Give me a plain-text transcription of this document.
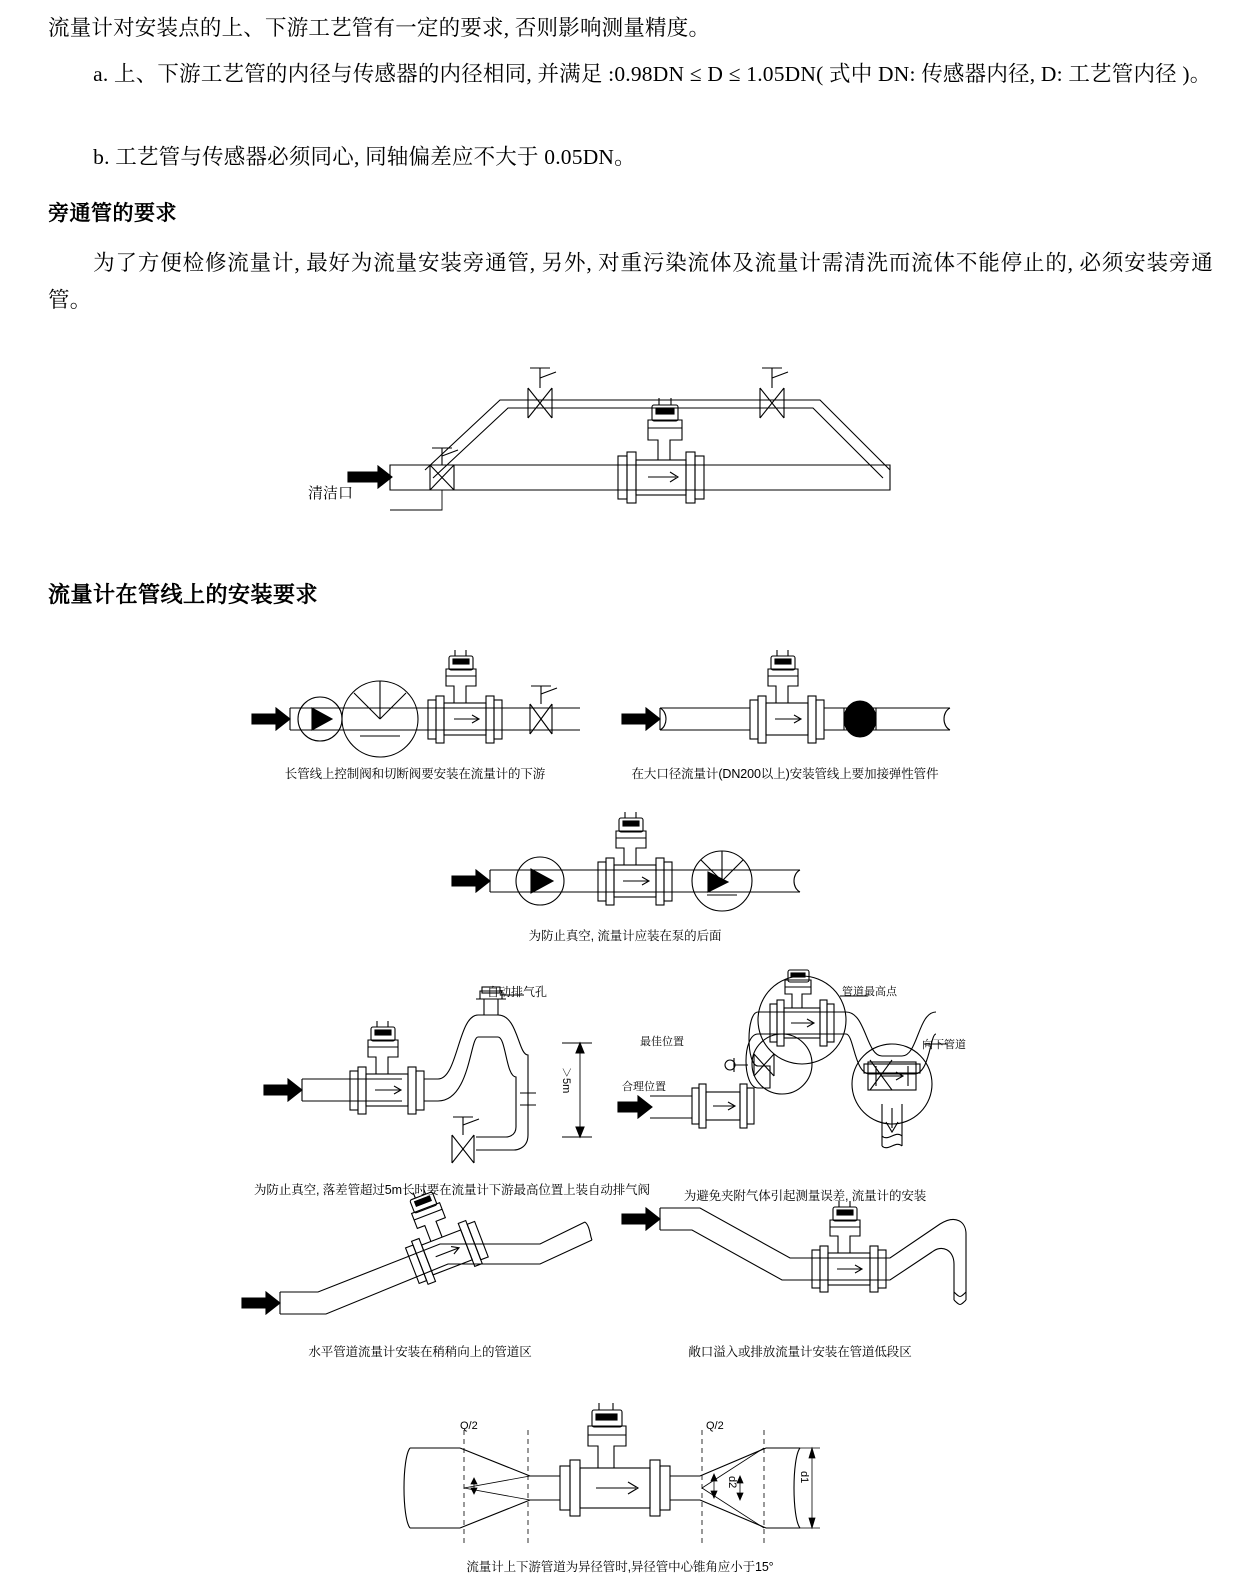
流量计对安装点的上、下游工艺管有一定的要求, 否则影响测量精度。
a. 上、下游工艺管的内径与传感器的内径相同, 并满足 :0.98DN ≤ D ≤ 1.05DN( 式中 DN: 传感器内径, D: 工艺管内径 )。
b. 工艺管与传感器必须同心, 同轴偏差应不大于 0.05DN。
旁通管的要求
为了方便检修流量计, 最好为流量安装旁通管, 另外, 对重污染流体及流量计需清洗而流体不能停止的, 必须安装旁通管。
流量计在管线上的安装要求
清洁口
长管线上控制阀和切断阀要安装在流量计的下游	在大口径流量计(DN200以上)安装管线上要加接弹性管件
为防止真空, 流量计应装在泵的后面
自动排气孔
＞5m
为防止真空, 落差管超过5m长时要在流量计下游最高位置上装自动排气阀
管道最高点
最佳位置
合理位置
向下管道
为避免夹附气体引起测量误差, 流量计的安装
水平管道流量计安装在稍稍向上的管道区	敞口溢入或排放流量计安装在管道低段区
Q/2	Q/2
d2	d1
流量计上下游管道为异径管时,异径管中心锥角应小于15°
